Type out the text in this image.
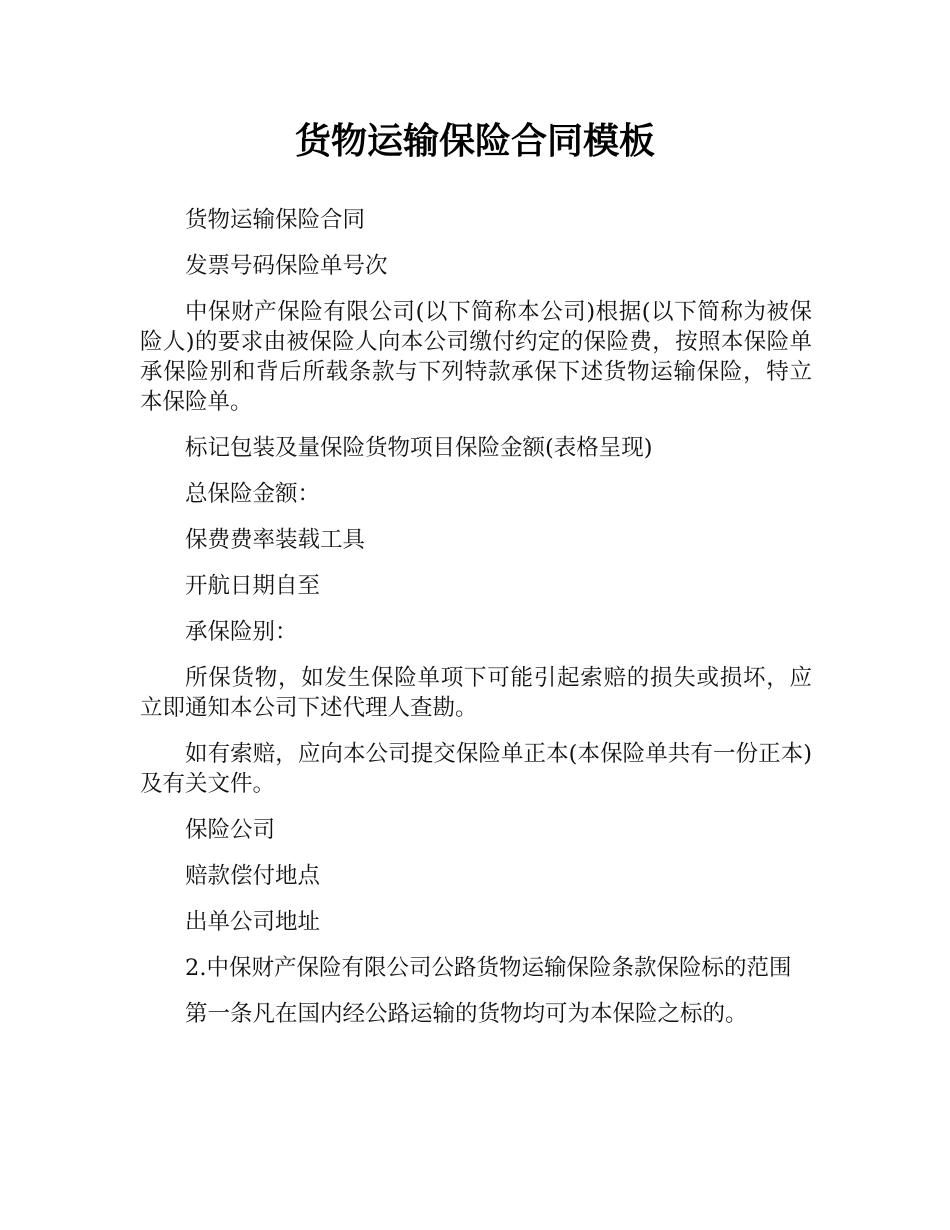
货物运输保险合同模板

货物运输保险合同

发票号码保险单号次

中保财产保险有限公司(以下简称本公司)根据(以下简称为被保险人)的要求由被保险人向本公司缴付约定的保险费，按照本保险单承保险别和背后所载条款与下列特款承保下述货物运输保险，特立本保险单。

标记包装及量保险货物项目保险金额(表格呈现)

总保险金额：

保费费率装载工具

开航日期自至

承保险别：

所保货物，如发生保险单项下可能引起索赔的损失或损坏，应立即通知本公司下述代理人查勘。

如有索赔，应向本公司提交保险单正本(本保险单共有一份正本)及有关文件。

保险公司

赔款偿付地点

出单公司地址

2.中保财产保险有限公司公路货物运输保险条款保险标的范围

第一条凡在国内经公路运输的货物均可为本保险之标的。
